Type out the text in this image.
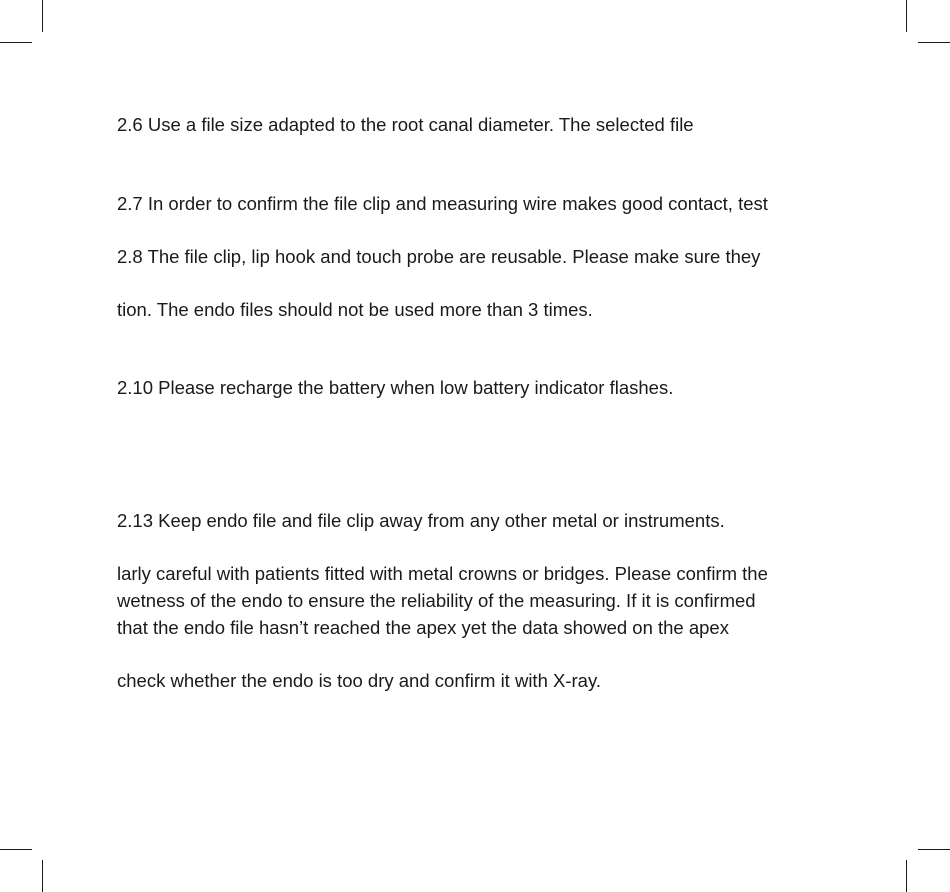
2.6 Use a file size adapted to the root canal diameter. The selected file

2.7 In order to confirm the file clip and measuring wire makes good contact, test

2.8 The file clip, lip hook and touch probe are reusable. Please make sure they

tion. The endo files should not be used more than 3 times.

2.10 Please recharge the battery when low battery indicator flashes.

2.13 Keep endo file and file clip away from any other metal or instruments.

larly careful with patients fitted with metal crowns or bridges. Please confirm the

wetness of the endo to ensure the reliability of the measuring. If it is confirmed

that the endo file hasn’t reached the apex yet the data showed on the apex

check whether the endo is too dry and confirm it with X-ray.
